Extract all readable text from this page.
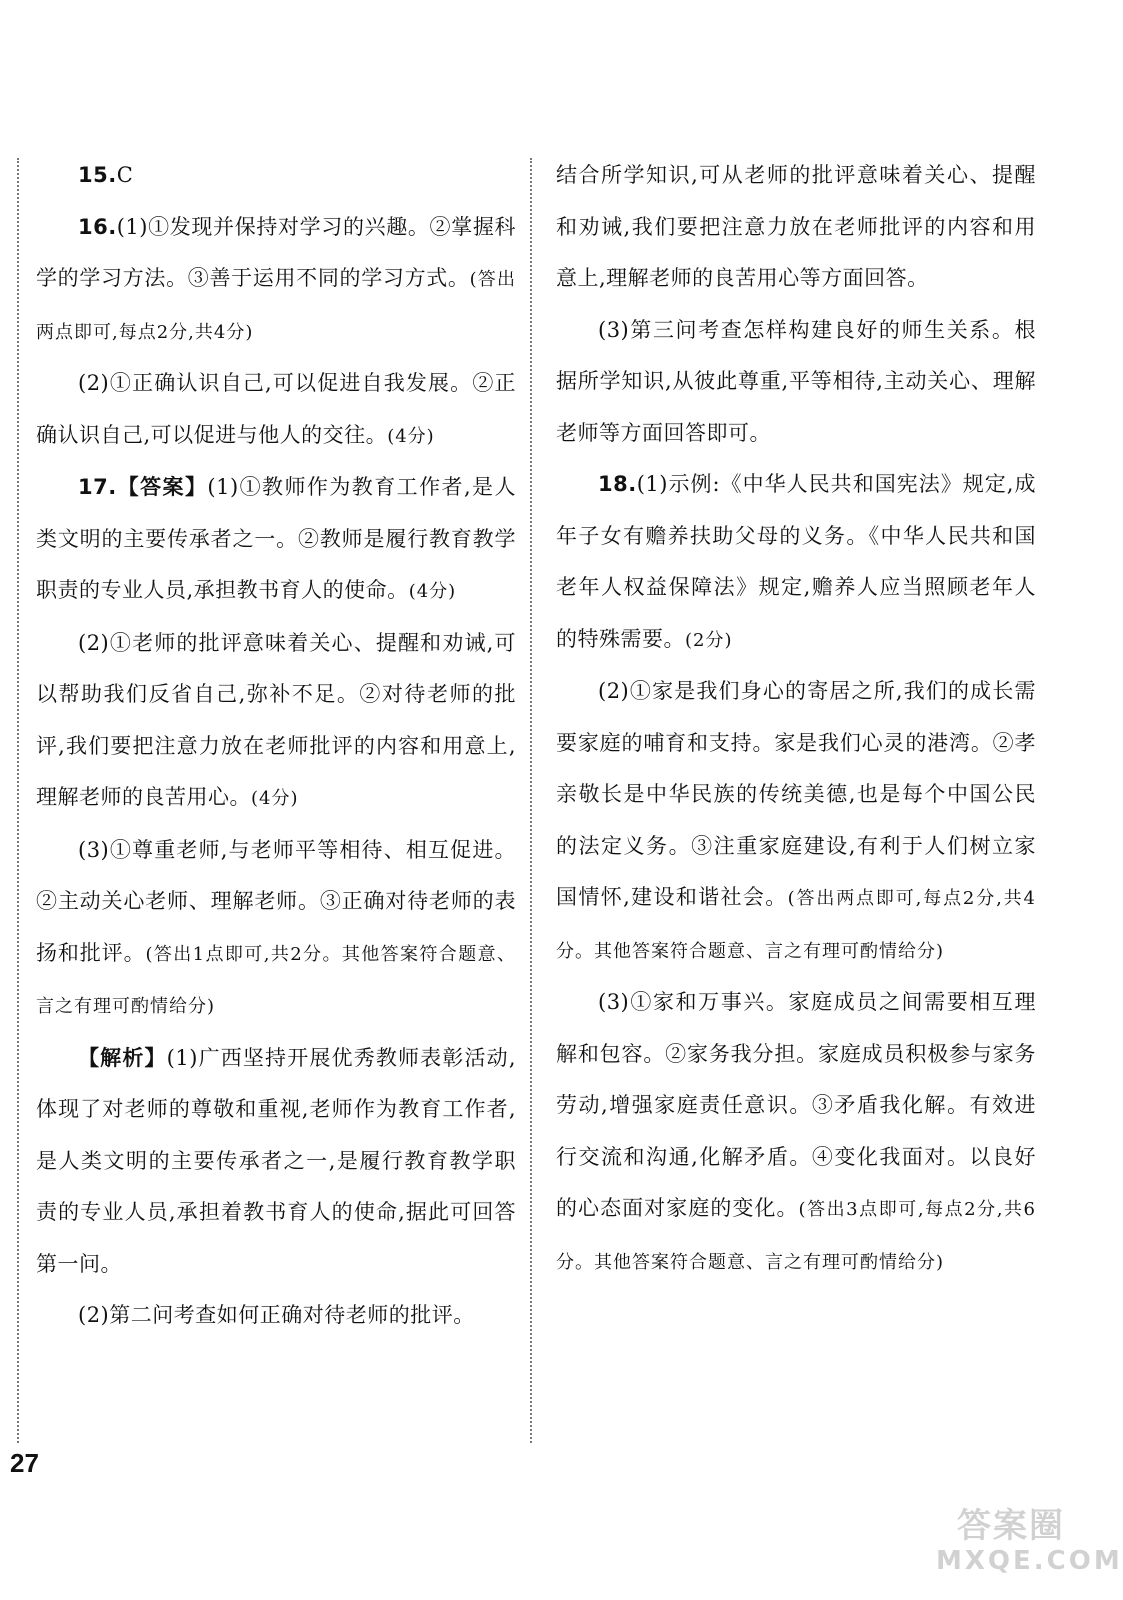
15.C

16.(1)①发现并保持对学习的兴趣。②掌握科学的学习方法。③善于运用不同的学习方式。(答出两点即可,每点2分,共4分)

(2)①正确认识自己,可以促进自我发展。②正确认识自己,可以促进与他人的交往。(4分)

17.【答案】(1)①教师作为教育工作者,是人类文明的主要传承者之一。②教师是履行教育教学职责的专业人员,承担教书育人的使命。(4分)

(2)①老师的批评意味着关心、提醒和劝诫,可以帮助我们反省自己,弥补不足。②对待老师的批评,我们要把注意力放在老师批评的内容和用意上,理解老师的良苦用心。(4分)

(3)①尊重老师,与老师平等相待、相互促进。②主动关心老师、理解老师。③正确对待老师的表扬和批评。(答出1点即可,共2分。其他答案符合题意、言之有理可酌情给分)

【解析】(1)广西坚持开展优秀教师表彰活动,体现了对老师的尊敬和重视,老师作为教育工作者,是人类文明的主要传承者之一,是履行教育教学职责的专业人员,承担着教书育人的使命,据此可回答第一问。

(2)第二问考查如何正确对待老师的批评。

结合所学知识,可从老师的批评意味着关心、提醒和劝诫,我们要把注意力放在老师批评的内容和用意上,理解老师的良苦用心等方面回答。

(3)第三问考查怎样构建良好的师生关系。根据所学知识,从彼此尊重,平等相待,主动关心、理解老师等方面回答即可。

18.(1)示例:《中华人民共和国宪法》规定,成年子女有赡养扶助父母的义务。《中华人民共和国老年人权益保障法》规定,赡养人应当照顾老年人的特殊需要。(2分)

(2)①家是我们身心的寄居之所,我们的成长需要家庭的哺育和支持。家是我们心灵的港湾。②孝亲敬长是中华民族的传统美德,也是每个中国公民的法定义务。③注重家庭建设,有利于人们树立家国情怀,建设和谐社会。(答出两点即可,每点2分,共4分。其他答案符合题意、言之有理可酌情给分)

(3)①家和万事兴。家庭成员之间需要相互理解和包容。②家务我分担。家庭成员积极参与家务劳动,增强家庭责任意识。③矛盾我化解。有效进行交流和沟通,化解矛盾。④变化我面对。以良好的心态面对家庭的变化。(答出3点即可,每点2分,共6分。其他答案符合题意、言之有理可酌情给分)

27
答案圈
MXQE.COM
